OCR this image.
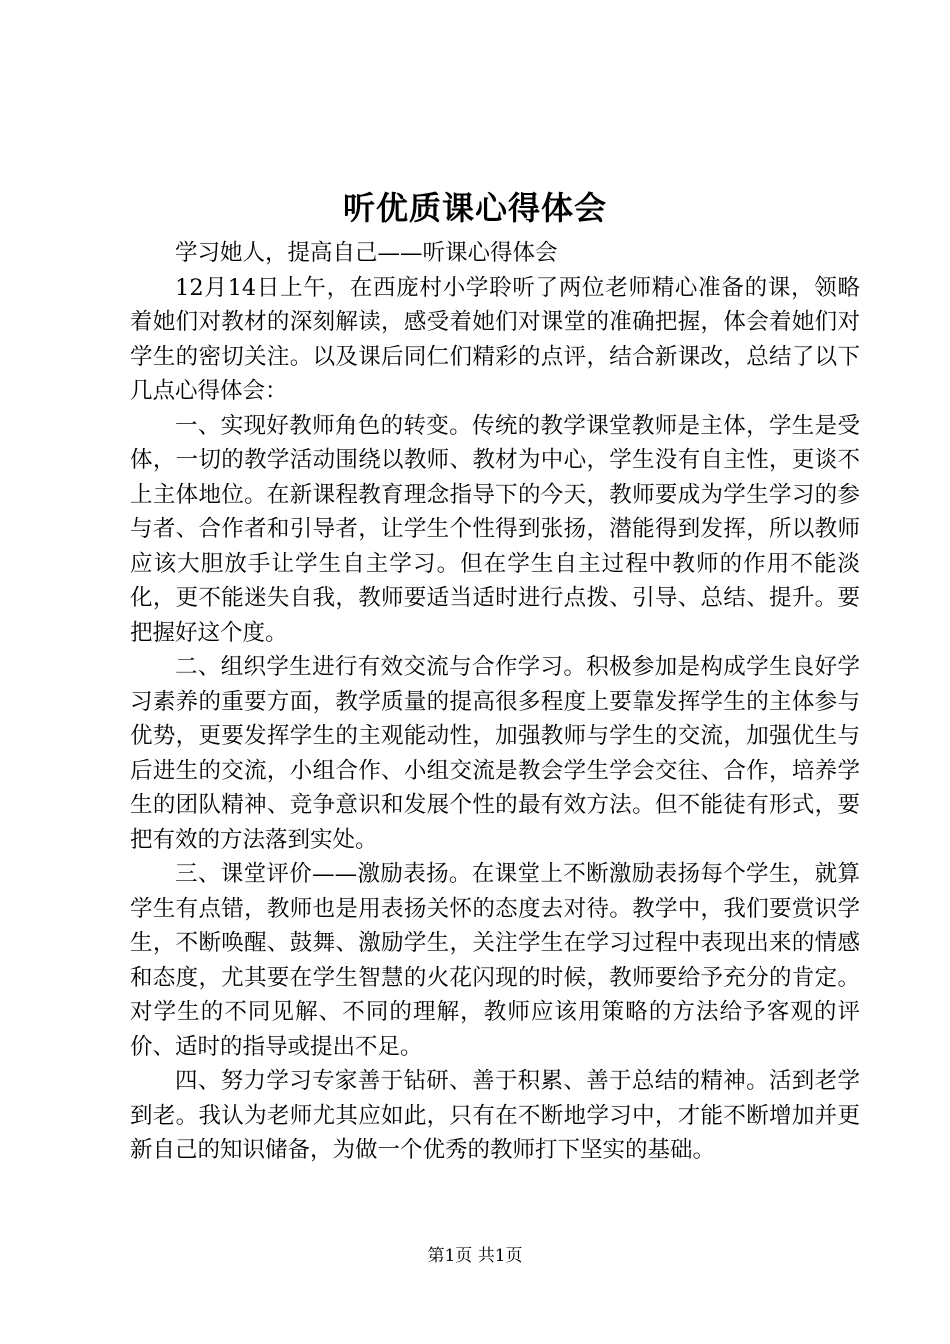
听优质课心得体会

学习她人，提高自己——听课心得体会

12月14日上午，在西庞村小学聆听了两位老师精心准备的课，领略着她们对教材的深刻解读，感受着她们对课堂的准确把握，体会着她们对学生的密切关注。以及课后同仁们精彩的点评，结合新课改，总结了以下几点心得体会：

一、实现好教师角色的转变。传统的教学课堂教师是主体，学生是受体，一切的教学活动围绕以教师、教材为中心，学生没有自主性，更谈不上主体地位。在新课程教育理念指导下的今天，教师要成为学生学习的参与者、合作者和引导者，让学生个性得到张扬，潜能得到发挥，所以教师应该大胆放手让学生自主学习。但在学生自主过程中教师的作用不能淡化，更不能迷失自我，教师要适当适时进行点拨、引导、总结、提升。要把握好这个度。

二、组织学生进行有效交流与合作学习。积极参加是构成学生良好学习素养的重要方面，教学质量的提高很多程度上要靠发挥学生的主体参与优势，更要发挥学生的主观能动性，加强教师与学生的交流，加强优生与后进生的交流，小组合作、小组交流是教会学生学会交往、合作，培养学生的团队精神、竞争意识和发展个性的最有效方法。但不能徒有形式，要把有效的方法落到实处。

三、课堂评价——激励表扬。在课堂上不断激励表扬每个学生，就算学生有点错，教师也是用表扬关怀的态度去对待。教学中，我们要赏识学生，不断唤醒、鼓舞、激励学生，关注学生在学习过程中表现出来的情感和态度，尤其要在学生智慧的火花闪现的时候，教师要给予充分的肯定。对学生的不同见解、不同的理解，教师应该用策略的方法给予客观的评价、适时的指导或提出不足。

四、努力学习专家善于钻研、善于积累、善于总结的精神。活到老学到老。我认为老师尤其应如此，只有在不断地学习中，才能不断增加并更新自己的知识储备，为做一个优秀的教师打下坚实的基础。

第1页 共1页
